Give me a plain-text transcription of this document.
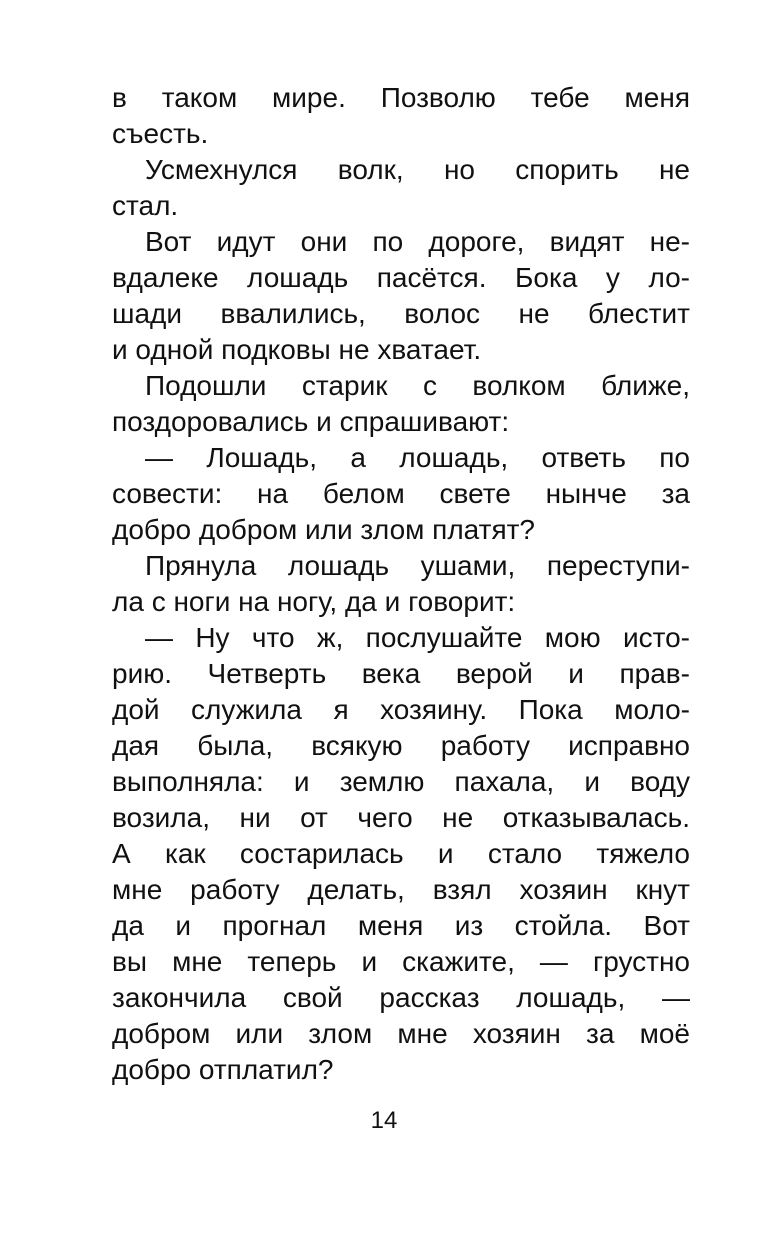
в таком мире. Позволю тебе меня
съесть.
Усмехнулся волк, но спорить не
стал.
Вот идут они по дороге, видят не-
вдалеке лошадь пасётся. Бока у ло-
шади ввалились, волос не блестит
и одной подковы не хватает.
Подошли старик с волком ближе,
поздоровались и спрашивают:
— Лошадь, а лошадь, ответь по
совести: на белом свете нынче за
добро добром или злом платят?
Прянула лошадь ушами, переступи-
ла с ноги на ногу, да и говорит:
— Ну что ж, послушайте мою исто-
рию. Четверть века верой и прав-
дой служила я хозяину. Пока моло-
дая была, всякую работу исправно
выполняла: и землю пахала, и воду
возила, ни от чего не отказывалась.
А как состарилась и стало тяжело
мне работу делать, взял хозяин кнут
да и прогнал меня из стойла. Вот
вы мне теперь и скажите, — грустно
закончила свой рассказ лошадь, —
добром или злом мне хозяин за моё
добро отплатил?
14
